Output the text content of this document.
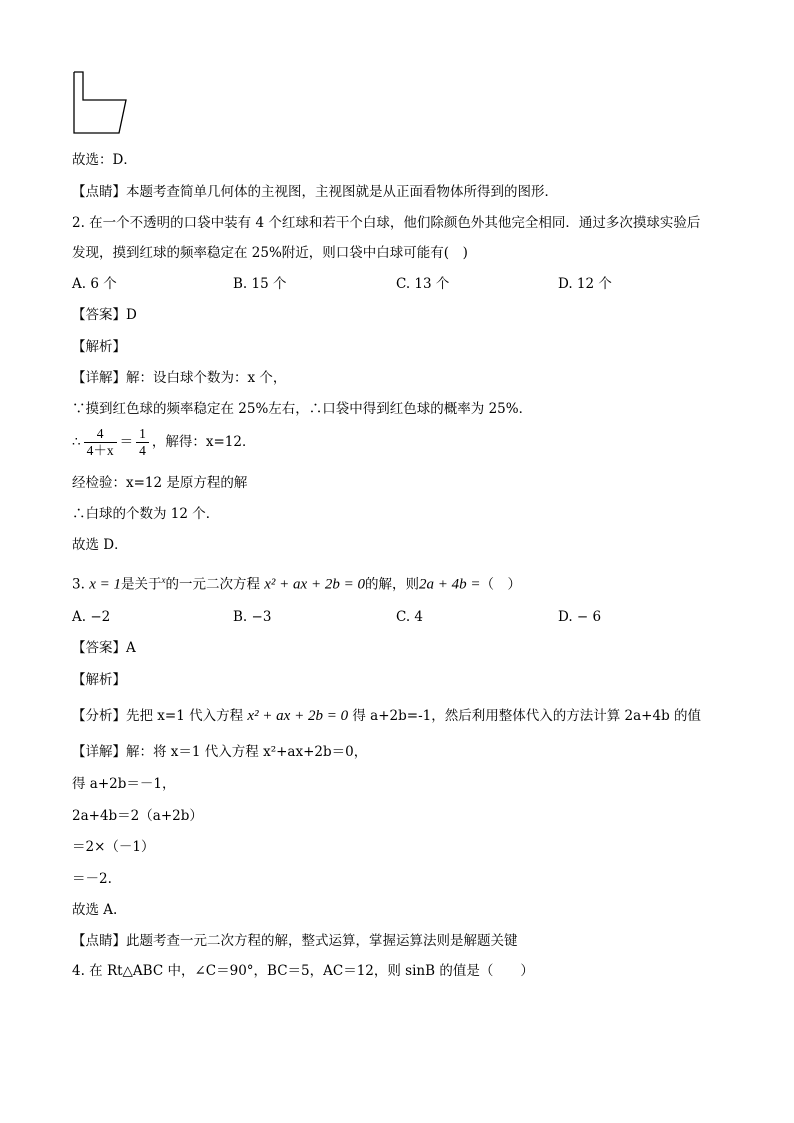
故选：D．
【点睛】本题考查简单几何体的主视图，主视图就是从正面看物体所得到的图形．
2. 在一个不透明的口袋中装有 4 个红球和若干个白球，他们除颜色外其他完全相同．通过多次摸球实验后
发现，摸到红球的频率稳定在 25%附近，则口袋中白球可能有(　)
A. 6 个	B. 15 个	C. 13 个	D. 12 个
【答案】D
【解析】
【详解】解：设白球个数为：x 个，
∵摸到红色球的频率稳定在 25%左右，∴口袋中得到红色球的概率为 25%．
∴ $\frac{4}{4+x} = \frac{1}{4}$ ，解得：x=12．
经检验：x=12 是原方程的解
∴白球的个数为 12 个．
故选 D．
3. x = 1是关于$^x$的一元二次方程 x² + ax + 2b = 0的解，则2a + 4b =（　）
A. −2	B. −3	C. 4	D. − 6
【答案】A
【解析】
【分析】先把 x=1 代入方程 x² + ax + 2b = 0 得 a+2b=-1，然后利用整体代入的方法计算 2a+4b 的值
【详解】解：将 x＝1 代入方程 x²+ax+2b＝0，
得 a+2b＝－1，
2a+4b＝2（a+2b）
＝2×（－1）
＝－2.
故选 A.
【点睛】此题考查一元二次方程的解，整式运算，掌握运算法则是解题关键
4. 在 Rt△ABC 中，∠C＝90°，BC＝5，AC＝12，则 sinB 的值是（　　）
